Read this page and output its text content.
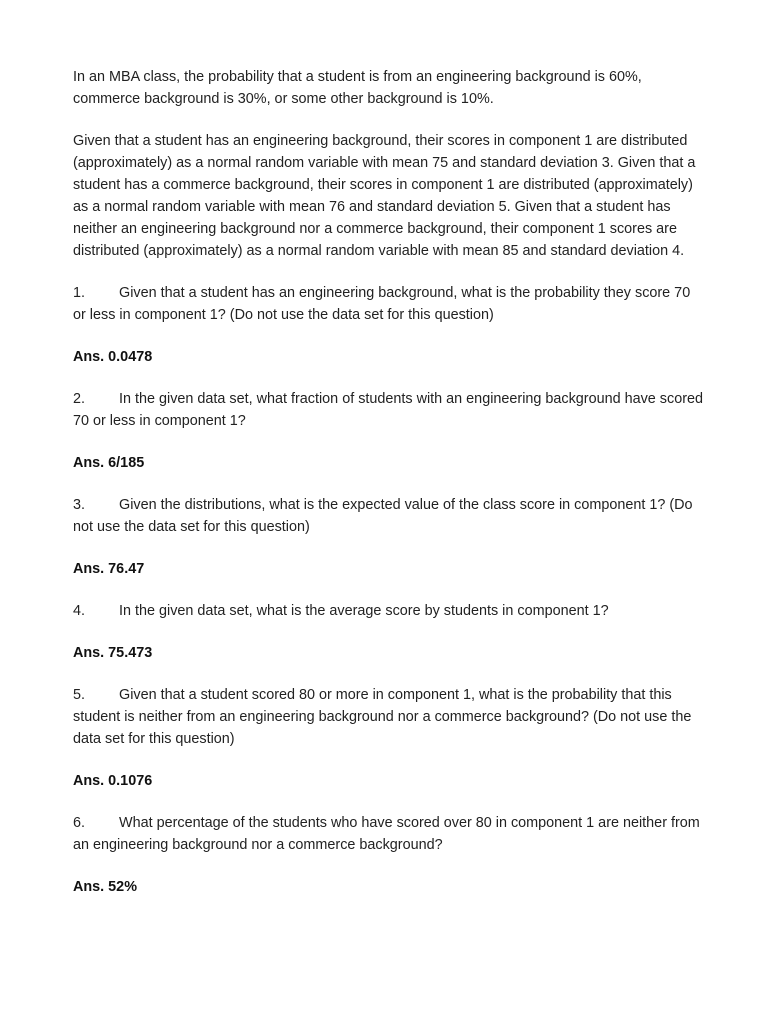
In an MBA class, the probability that a student is from an engineering background is 60%, commerce background is 30%, or some other background is 10%.

Given that a student has an engineering background, their scores in component 1 are distributed (approximately) as a normal random variable with mean 75 and standard deviation 3. Given that a student has a commerce background, their scores in component 1 are distributed (approximately) as a normal random variable with mean 76 and standard deviation 5. Given that a student has neither an engineering background nor a commerce background, their component 1 scores are distributed (approximately) as a normal random variable with mean 85 and standard deviation 4.

1. Given that a student has an engineering background, what is the probability they score 70 or less in component 1? (Do not use the data set for this question)

Ans. 0.0478

2. In the given data set, what fraction of students with an engineering background have scored 70 or less in component 1?

Ans. 6/185

3. Given the distributions, what is the expected value of the class score in component 1? (Do not use the data set for this question)

Ans. 76.47

4. In the given data set, what is the average score by students in component 1?

Ans. 75.473

5. Given that a student scored 80 or more in component 1, what is the probability that this student is neither from an engineering background nor a commerce background? (Do not use the data set for this question)

Ans. 0.1076

6. What percentage of the students who have scored over 80 in component 1 are neither from an engineering background nor a commerce background?

Ans. 52%
